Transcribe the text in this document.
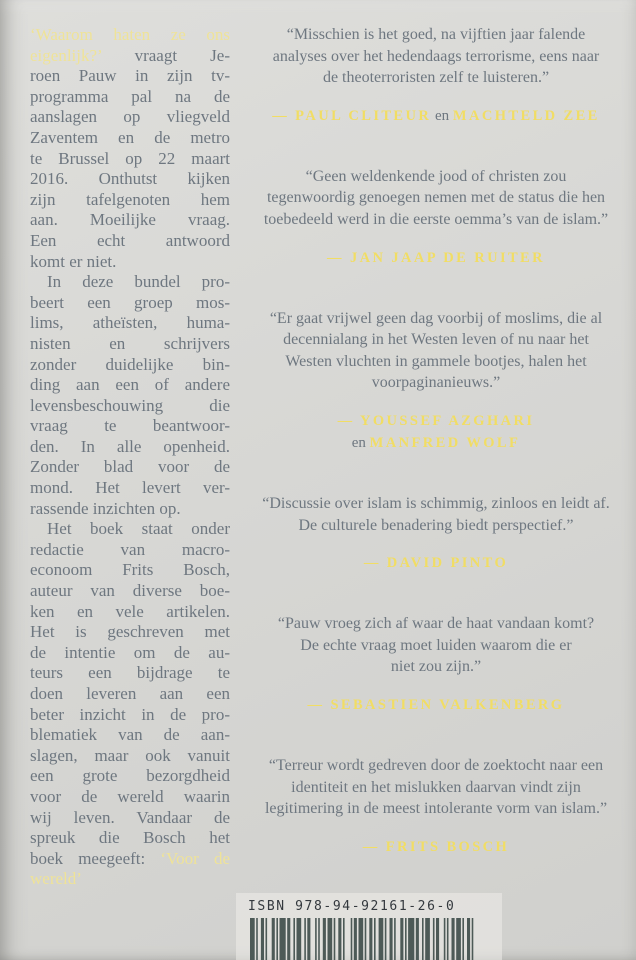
‘Waarom haten ze ons
eigenlijk?’ vraagt Je-
roen Pauw in zijn tv-
programma pal na de
aanslagen op vliegveld
Zaventem en de metro
te Brussel op 22 maart
2016. Onthutst kijken
zijn tafelgenoten hem
aan. Moeilijke vraag.
Een echt antwoord
komt er niet.
In deze bundel pro-
beert een groep mos-
lims, atheïsten, huma-
nisten en schrijvers
zonder duidelijke bin-
ding aan een of andere
levensbeschouwing die
vraag te beantwoor-
den. In alle openheid.
Zonder blad voor de
mond. Het levert ver-
rassende inzichten op.
Het boek staat onder
redactie van macro-
econoom Frits Bosch,
auteur van diverse boe-
ken en vele artikelen.
Het is geschreven met
de intentie om de au-
teurs een bijdrage te
doen leveren aan een
beter inzicht in de pro-
blematiek van de aan-
slagen, maar ook vanuit
een grote bezorgdheid
voor de wereld waarin
wij leven. Vandaar de
spreuk die Bosch het
boek meegeeft: ‘Voor de
wereld’
“Misschien is het goed, na vijftien jaar falende
analyses over het hedendaags terrorisme, eens naar
de theoterroristen zelf te luisteren.”
— PAUL CLITEUR en MACHTELD ZEE
“Geen weldenkende jood of christen zou
tegenwoordig genoegen nemen met de status die hen
toebedeeld werd in die eerste oemma’s van de islam.”
— JAN JAAP DE RUITER
“Er gaat vrijwel geen dag voorbij of moslims, die al
decennialang in het Westen leven of nu naar het
Westen vluchten in gammele bootjes, halen het
voorpaginanieuws.”
— YOUSSEF AZGHARI
en MANFRED WOLF
“Discussie over islam is schimmig, zinloos en leidt af.
De culturele benadering biedt perspectief.”
— DAVID PINTO
“Pauw vroeg zich af waar de haat vandaan komt?
De echte vraag moet luiden waarom die er
niet zou zijn.”
— SEBASTIEN VALKENBERG
“Terreur wordt gedreven door de zoektocht naar een
identiteit en het mislukken daarvan vindt zijn
legitimering in de meest intolerante vorm van islam.”
— FRITS BOSCH
ISBN 978-94-92161-26-0
